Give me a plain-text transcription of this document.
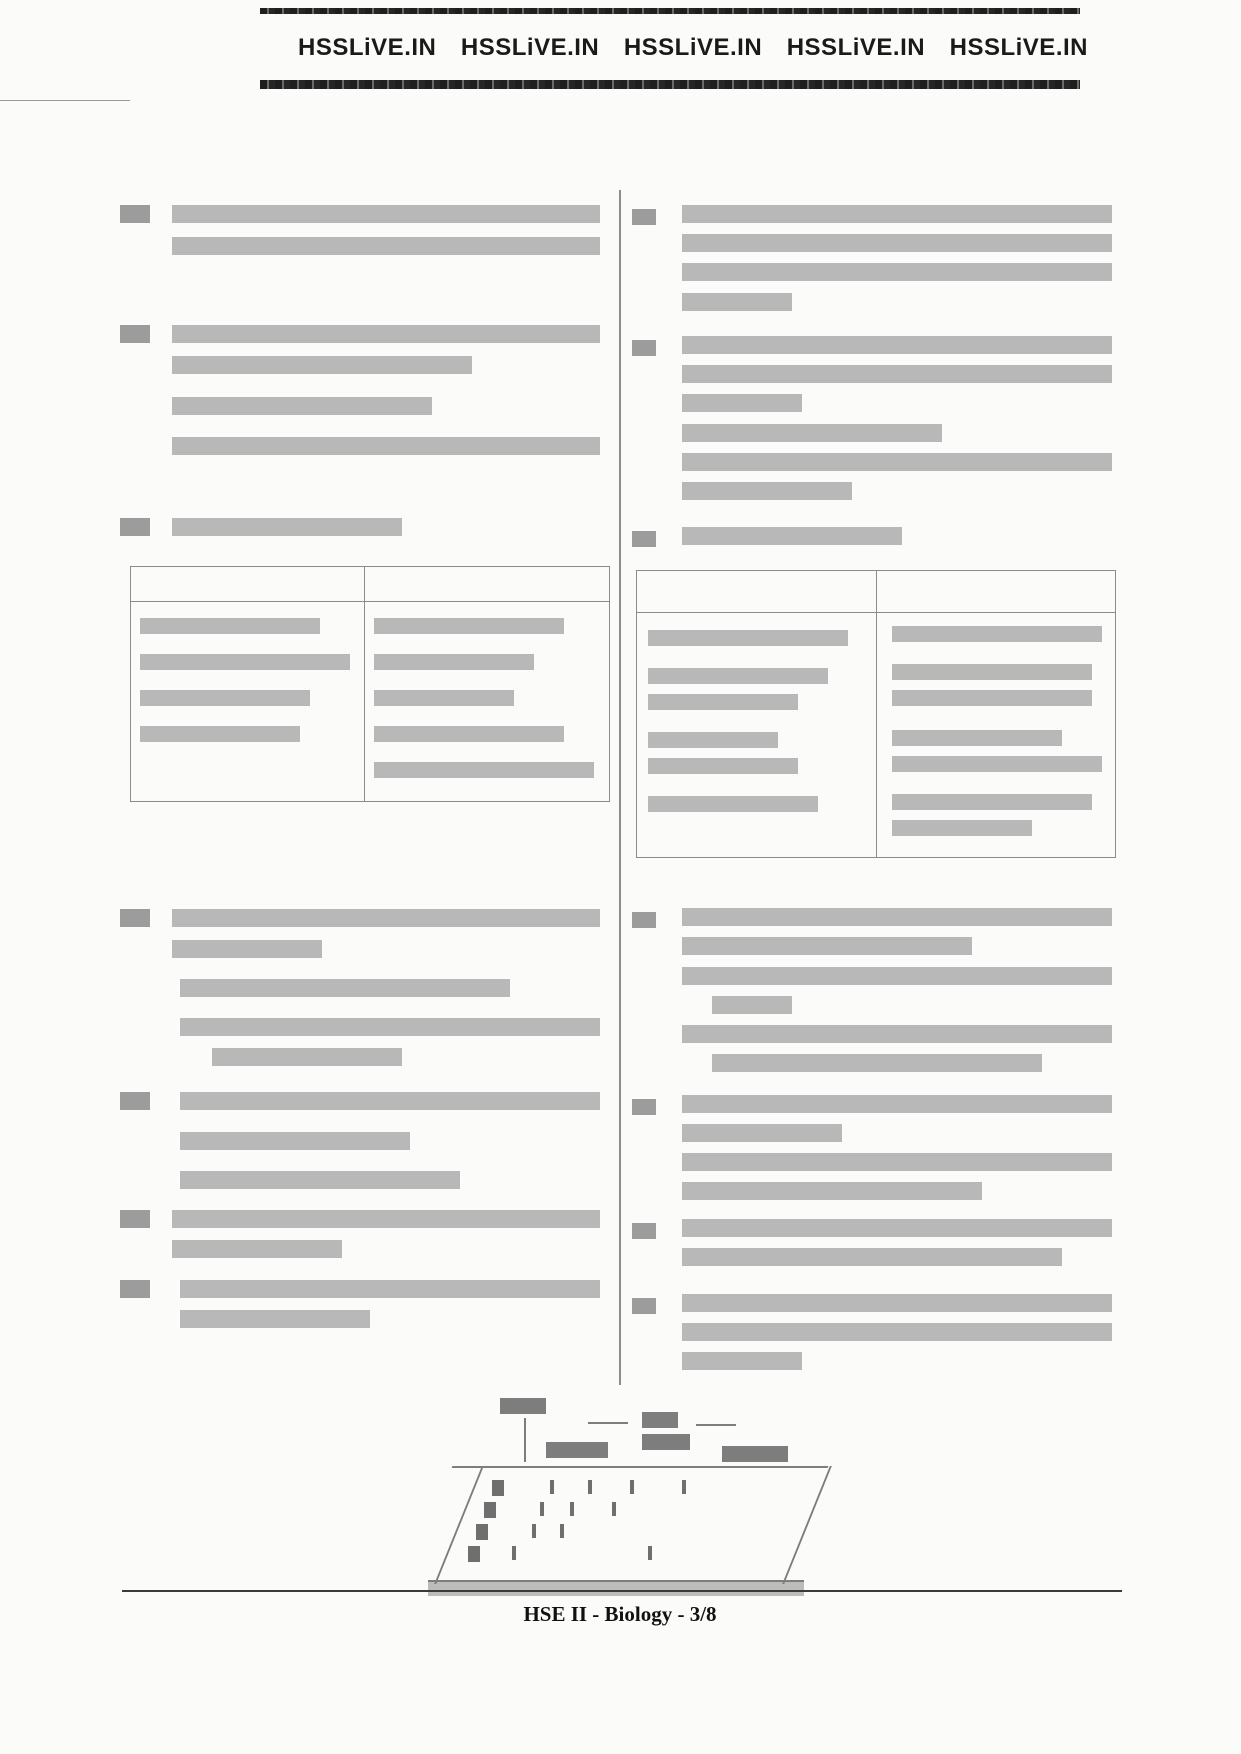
HSSLiVE.IN HSSLiVE.IN HSSLiVE.IN HSSLiVE.IN HSSLiVE.IN
HSE II - Biology - 3/8
